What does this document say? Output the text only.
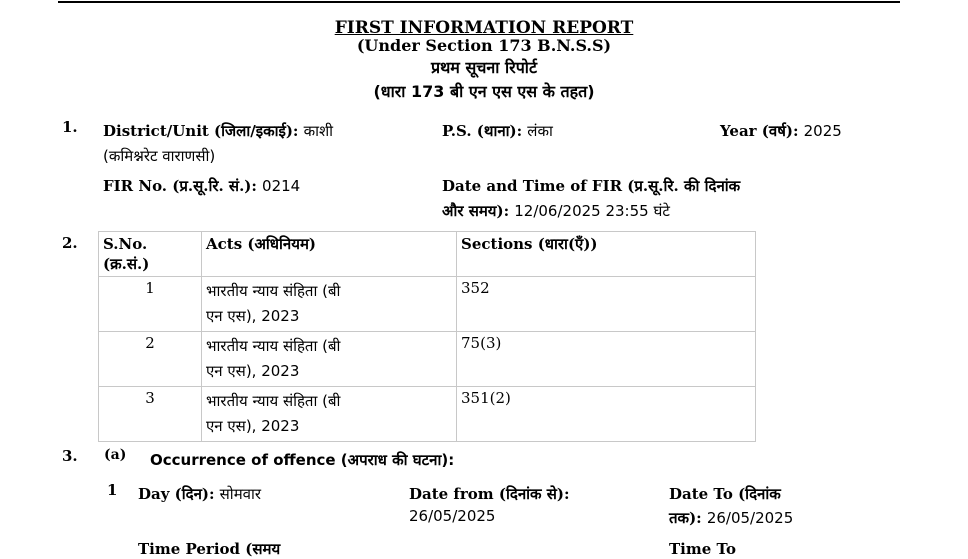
FIRST INFORMATION REPORT
(Under Section 173 B.N.S.S)
प्रथम सूचना रिपोर्ट
(धारा 173 बी एन एस एस के तहत)
1. District/Unit (जिला/इकाई): काशी
(कमिश्नरेट वाराणसी)
P.S. (थाना): लंका	Year (वर्ष): 2025
FIR No. (प्र.सू.रि. सं.): 0214	Date and Time of FIR (प्र.सू.रि. की दिनांक
और समय): 12/06/2025 23:55 घंटे
2. S.No.
(क्र.सं.)	Acts (अधिनियम)	Sections (धारा(एँ))
1	भारतीय न्याय संहिता (बी
एन एस), 2023	352
2	भारतीय न्याय संहिता (बी
एन एस), 2023	75(3)
3	भारतीय न्याय संहिता (बी
एन एस), 2023	351(2)
3. (a) Occurrence of offence (अपराध की घटना):
1 Day (दिन): सोमवार	Date from (दिनांक से):
26/05/2025
Date To (दिनांक
तक): 26/05/2025
Time Period (समय	Time To
